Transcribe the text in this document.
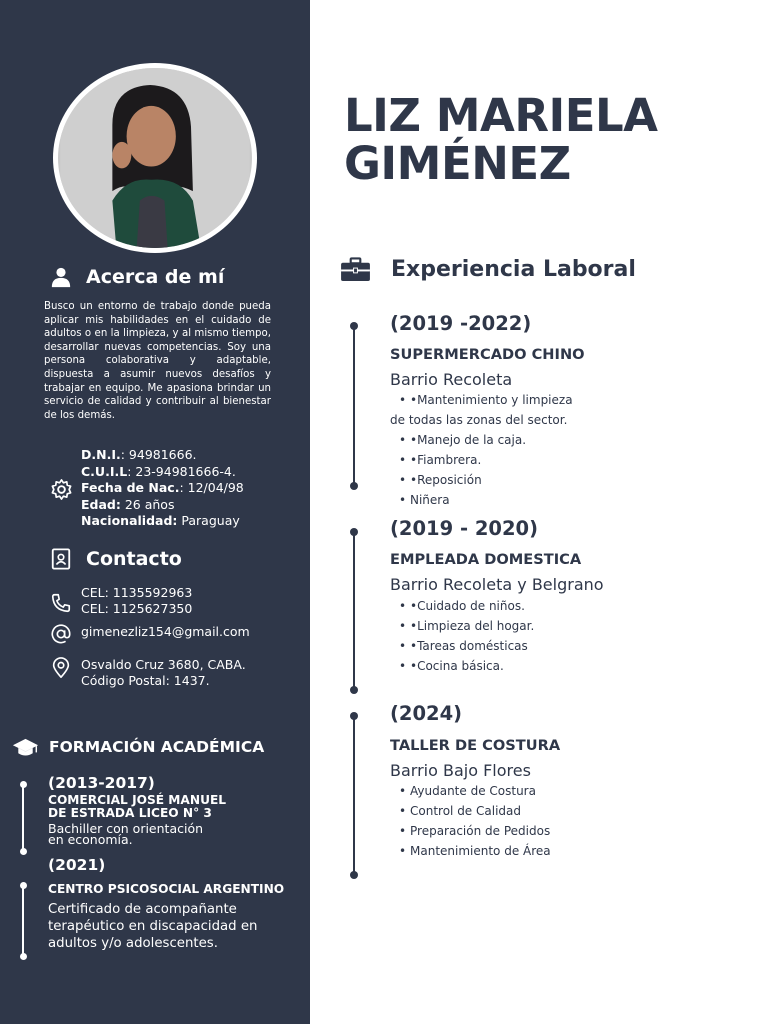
Acerca de mí

Busco un entorno de trabajo donde pueda aplicar mis habilidades en el cuidado de adultos o en la limpieza, y al mismo tiempo, desarrollar nuevas competencias. Soy una persona colaborativa y adaptable, dispuesta a asumir nuevos desafíos y trabajar en equipo. Me apasiona brindar un servicio de calidad y contribuir al bienestar de los demás.

D.N.I.: 94981666.
C.U.I.L: 23-94981666-4.
Fecha de Nac.: 12/04/98
Edad: 26 años
Nacionalidad: Paraguay
Contacto
CEL: 1135592963
CEL: 1125627350
gimenezliz154@gmail.com
Osvaldo Cruz 3680, CABA.
Código Postal: 1437.
FORMACIÓN ACADÉMICA
(2013-2017)
COMERCIAL JOSÉ MANUEL
DE ESTRADA LICEO N° 3
Bachiller con orientación
en economía.
(2021)
CENTRO PSICOSOCIAL ARGENTINO
Certificado de acompañante
terapéutico en discapacidad en
adultos y/o adolescentes.
LIZ MARIELA
GIMÉNEZ
Experiencia Laboral
(2019 -2022)
SUPERMERCADO CHINO
Barrio Recoleta
• •Mantenimiento y limpieza
de todas las zonas del sector.
• •Manejo de la caja.
• •Fiambrera.
• •Reposición
• Niñera
(2019 - 2020)
EMPLEADA DOMESTICA
Barrio Recoleta y Belgrano
• •Cuidado de niños.
• •Limpieza del hogar.
• •Tareas domésticas
• •Cocina básica.
(2024)
TALLER DE COSTURA
Barrio Bajo Flores
• Ayudante de Costura
• Control de Calidad
• Preparación de Pedidos
• Mantenimiento de Área
